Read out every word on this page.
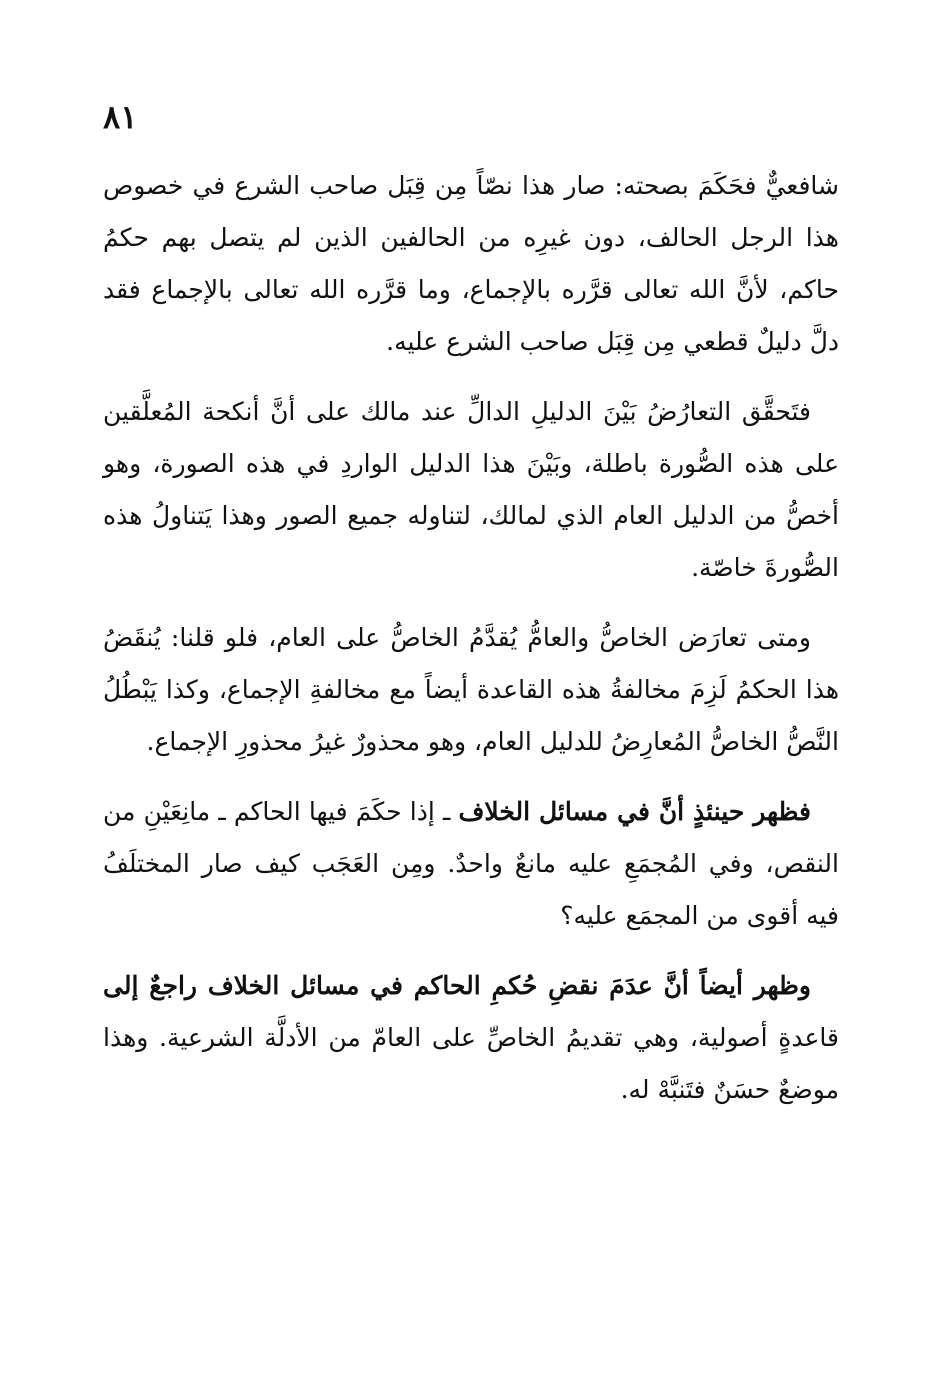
٨١

شافعيٌّ فحَكَمَ بصحته: صار هذا نصّاً مِن قِبَل صاحب الشرع في خصوص هذا الرجل الحالف، دون غيرِه من الحالفين الذين لم يتصل بهم حكمُ حاكم، لأنَّ الله تعالى قرَّره بالإجماع، وما قرَّره الله تعالى بالإجماع فقد دلَّ دليلٌ قطعي مِن قِبَل صاحب الشرع عليه.

فتَحقَّق التعارُضُ بَيْنَ الدليلِ الدالِّ عند مالك على أنَّ أنكحة المُعلَّقين على هذه الصُّورة باطلة، وبَيْنَ هذا الدليل الواردِ في هذه الصورة، وهو أخصُّ من الدليل العام الذي لمالك، لتناوله جميع الصور وهذا يَتناولُ هذه الصُّورةَ خاصّة.

ومتى تعارَض الخاصُّ والعامُّ يُقدَّمُ الخاصُّ على العام، فلو قلنا: يُنقَضُ هذا الحكمُ لَزِمَ مخالفةُ هذه القاعدة أيضاً مع مخالفةِ الإجماع، وكذا يَبْطُلُ النَّصُّ الخاصُّ المُعارِضُ للدليل العام، وهو محذورٌ غيرُ محذورِ الإجماع.

فظهر حينئذٍ أنَّ في مسائل الخلاف ـ إذا حكَمَ فيها الحاكم ـ مانِعَيْنِ من النقص، وفي المُجمَعِ عليه مانعٌ واحدٌ. ومِن العَجَب كيف صار المختلَفُ فيه أقوى من المجمَع عليه؟

وظهر أيضاً أنَّ عدَمَ نقضِ حُكمِ الحاكم في مسائل الخلاف راجعٌ إلى قاعدةٍ أصولية، وهي تقديمُ الخاصِّ على العامّ من الأدلَّة الشرعية. وهذا موضعٌ حسَنٌ فتَنبَّهْ له.
